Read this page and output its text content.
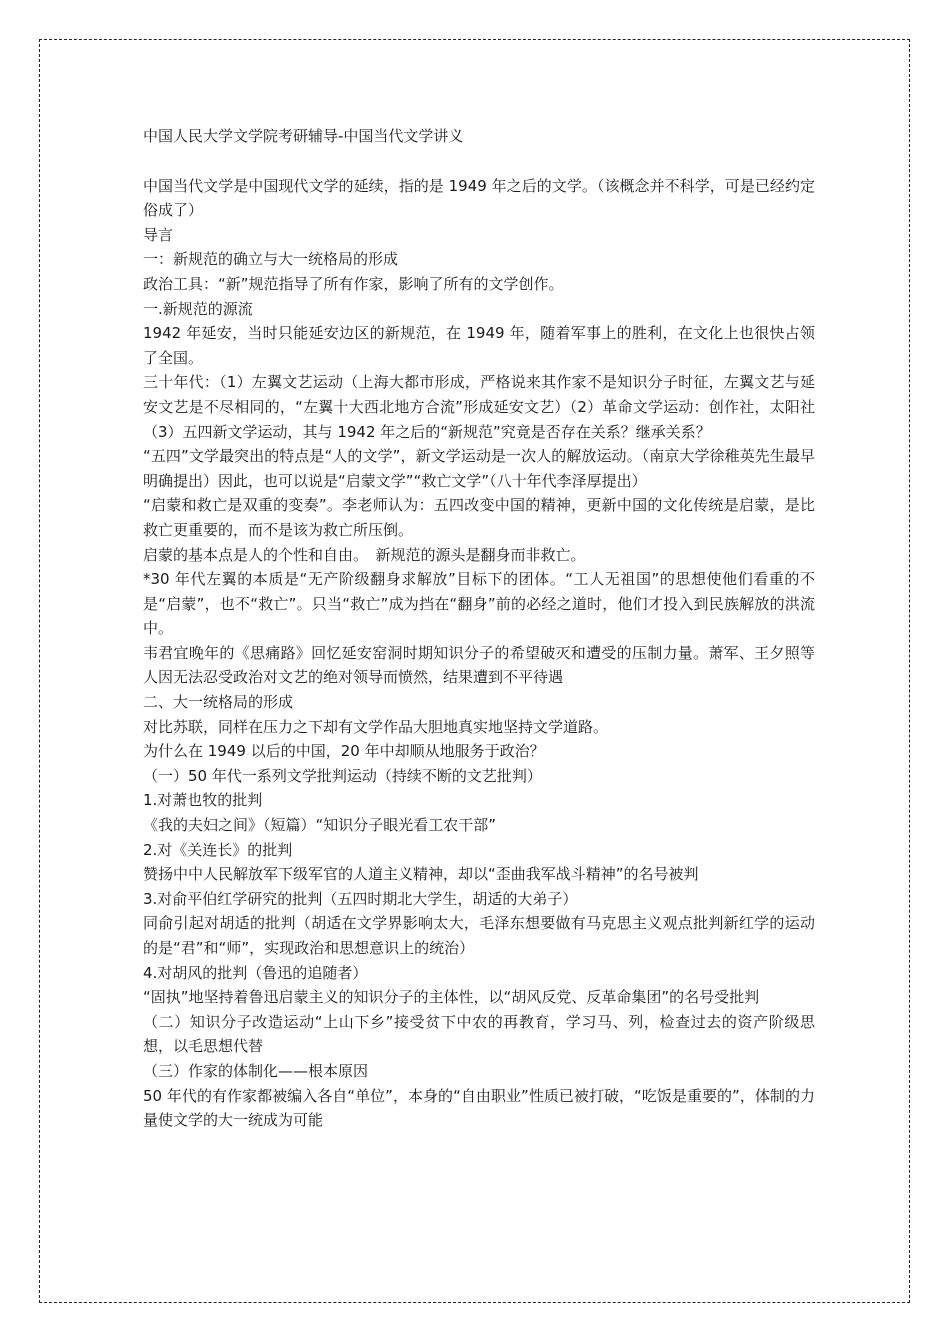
中国人民大学文学院考研辅导-中国当代文学讲义

中国当代文学是中国现代文学的延续，指的是 1949 年之后的文学。（该概念并不科学，可是已经约定俗成了）

导言

一：新规范的确立与大一统格局的形成

政治工具：“新”规范指导了所有作家，影响了所有的文学创作。

一.新规范的源流

1942 年延安，当时只能延安边区的新规范，在 1949 年，随着军事上的胜利，在文化上也很快占领了全国。

三十年代：（1）左翼文艺运动（上海大都市形成，严格说来其作家不是知识分子时征，左翼文艺与延安文艺是不尽相同的，“左翼十大西北地方合流”形成延安文艺）（2）革命文学运动：创作社，太阳社（3）五四新文学运动，其与 1942 年之后的“新规范”究竟是否存在关系？继承关系？

“五四”文学最突出的特点是“人的文学”，新文学运动是一次人的解放运动。（南京大学徐稚英先生最早明确提出）因此，也可以说是“启蒙文学”“救亡文学”（八十年代李泽厚提出）

“启蒙和救亡是双重的变奏”。李老师认为：五四改变中国的精神，更新中国的文化传统是启蒙，是比救亡更重要的，而不是该为救亡所压倒。

启蒙的基本点是人的个性和自由。　新规范的源头是翻身而非救亡。

*30 年代左翼的本质是“无产阶级翻身求解放”目标下的团体。“工人无祖国”的思想使他们看重的不是“启蒙”，也不“救亡”。只当“救亡”成为挡在“翻身”前的必经之道时，他们才投入到民族解放的洪流中。

韦君宜晚年的《思痛路》回忆延安窑洞时期知识分子的希望破灭和遭受的压制力量。萧军、王夕照等人因无法忍受政治对文艺的绝对领导而愤然，结果遭到不平待遇

二、大一统格局的形成

对比苏联，同样在压力之下却有文学作品大胆地真实地坚持文学道路。

为什么在 1949 以后的中国，20 年中却顺从地服务于政治？

（一）50 年代一系列文学批判运动（持续不断的文艺批判）

1.对萧也牧的批判

《我的夫妇之间》（短篇）“知识分子眼光看工农干部”

2.对《关连长》的批判

赞扬中中人民解放军下级军官的人道主义精神，却以“歪曲我军战斗精神”的名号被判

3.对俞平伯红学研究的批判（五四时期北大学生，胡适的大弟子）

同俞引起对胡适的批判（胡适在文学界影响太大，毛泽东想要做有马克思主义观点批判新红学的运动的是“君”和“师”，实现政治和思想意识上的统治）

4.对胡风的批判（鲁迅的追随者）

“固执”地坚持着鲁迅启蒙主义的知识分子的主体性，以“胡风反党、反革命集团”的名号受批判

（二）知识分子改造运动“上山下乡”接受贫下中农的再教育，学习马、列，检查过去的资产阶级思想，以毛思想代替

（三）作家的体制化——根本原因

50 年代的有作家都被编入各自“单位”，本身的“自由职业”性质已被打破，“吃饭是重要的”，体制的力量使文学的大一统成为可能
